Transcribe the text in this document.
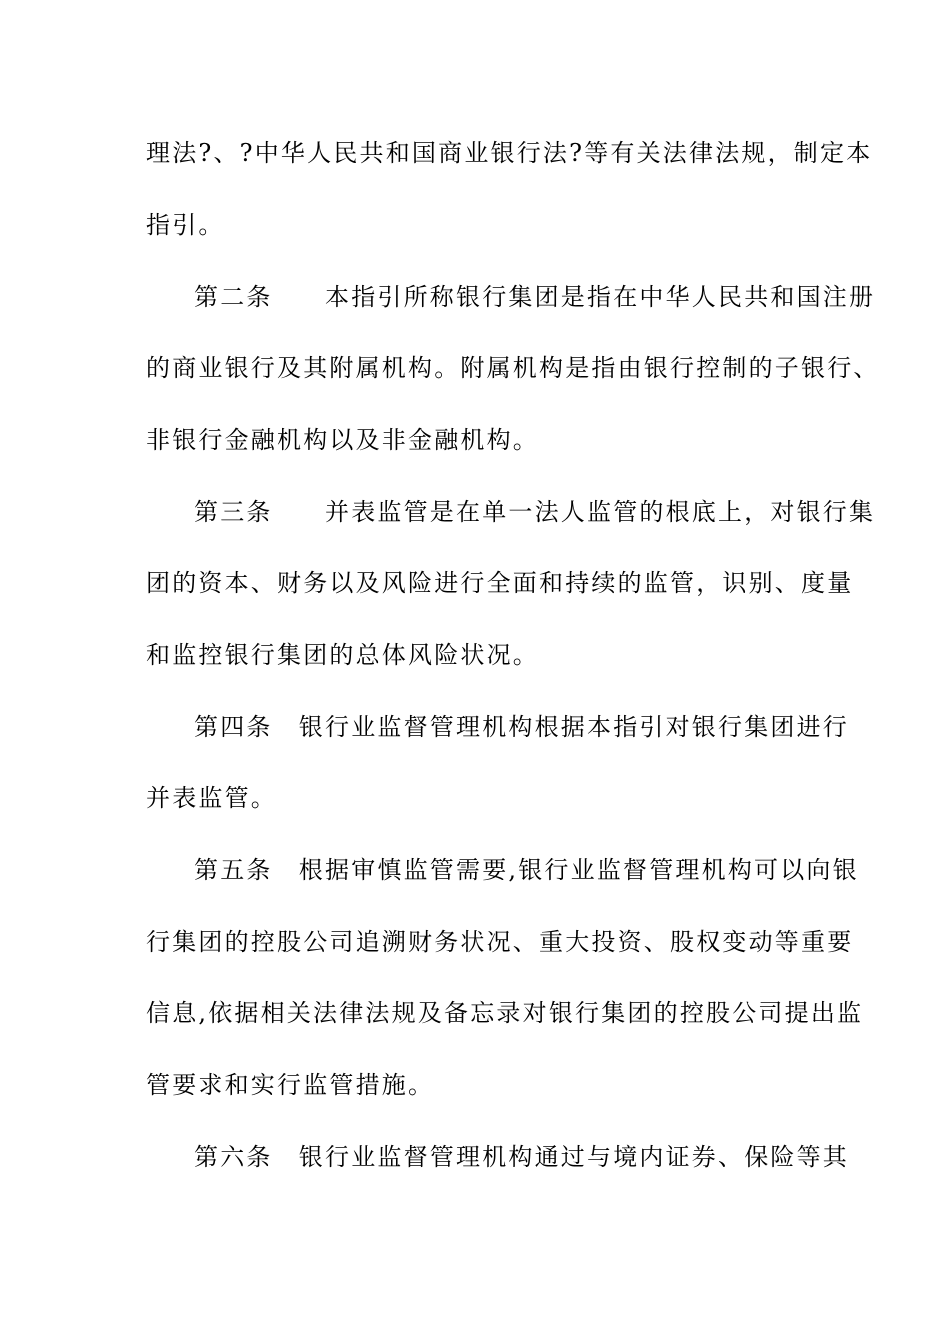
理法?、?中华人民共和国商业银行法?等有关法律法规，制定本
指引。
第二条　　本指引所称银行集团是指在中华人民共和国注册
的商业银行及其附属机构。附属机构是指由银行控制的子银行、
非银行金融机构以及非金融机构。
第三条　　并表监管是在单一法人监管的根底上，对银行集
团的资本、财务以及风险进行全面和持续的监管，识别、度量
和监控银行集团的总体风险状况。
第四条　银行业监督管理机构根据本指引对银行集团进行
并表监管。
第五条　根据审慎监管需要,银行业监督管理机构可以向银
行集团的控股公司追溯财务状况、重大投资、股权变动等重要
信息,依据相关法律法规及备忘录对银行集团的控股公司提出监
管要求和实行监管措施。
第六条　银行业监督管理机构通过与境内证券、保险等其
